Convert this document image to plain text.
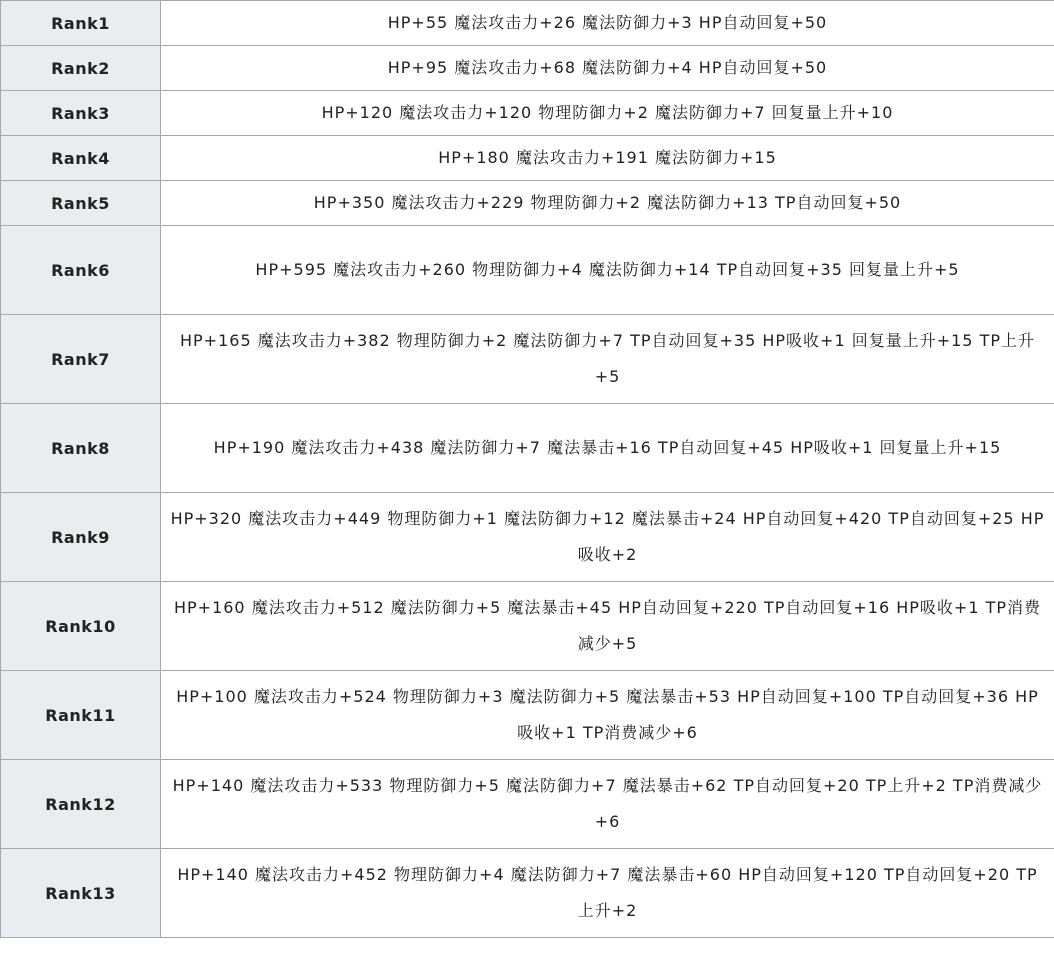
Rank1	HP+55 魔法攻击力+26 魔法防御力+3 HP自动回复+50
Rank2	HP+95 魔法攻击力+68 魔法防御力+4 HP自动回复+50
Rank3	HP+120 魔法攻击力+120 物理防御力+2 魔法防御力+7 回复量上升+10
Rank4	HP+180 魔法攻击力+191 魔法防御力+15
Rank5	HP+350 魔法攻击力+229 物理防御力+2 魔法防御力+13 TP自动回复+50
Rank6	HP+595 魔法攻击力+260 物理防御力+4 魔法防御力+14 TP自动回复+35 回复量上升+5
Rank7	HP+165 魔法攻击力+382 物理防御力+2 魔法防御力+7 TP自动回复+35 HP吸收+1 回复量上升+15 TP上升+5
Rank8	HP+190 魔法攻击力+438 魔法防御力+7 魔法暴击+16 TP自动回复+45 HP吸收+1 回复量上升+15
Rank9	HP+320 魔法攻击力+449 物理防御力+1 魔法防御力+12 魔法暴击+24 HP自动回复+420 TP自动回复+25 HP吸收+2
Rank10	HP+160 魔法攻击力+512 魔法防御力+5 魔法暴击+45 HP自动回复+220 TP自动回复+16 HP吸收+1 TP消费减少+5
Rank11	HP+100 魔法攻击力+524 物理防御力+3 魔法防御力+5 魔法暴击+53 HP自动回复+100 TP自动回复+36 HP吸收+1 TP消费减少+6
Rank12	HP+140 魔法攻击力+533 物理防御力+5 魔法防御力+7 魔法暴击+62 TP自动回复+20 TP上升+2 TP消费减少+6
Rank13	HP+140 魔法攻击力+452 物理防御力+4 魔法防御力+7 魔法暴击+60 HP自动回复+120 TP自动回复+20 TP上升+2
